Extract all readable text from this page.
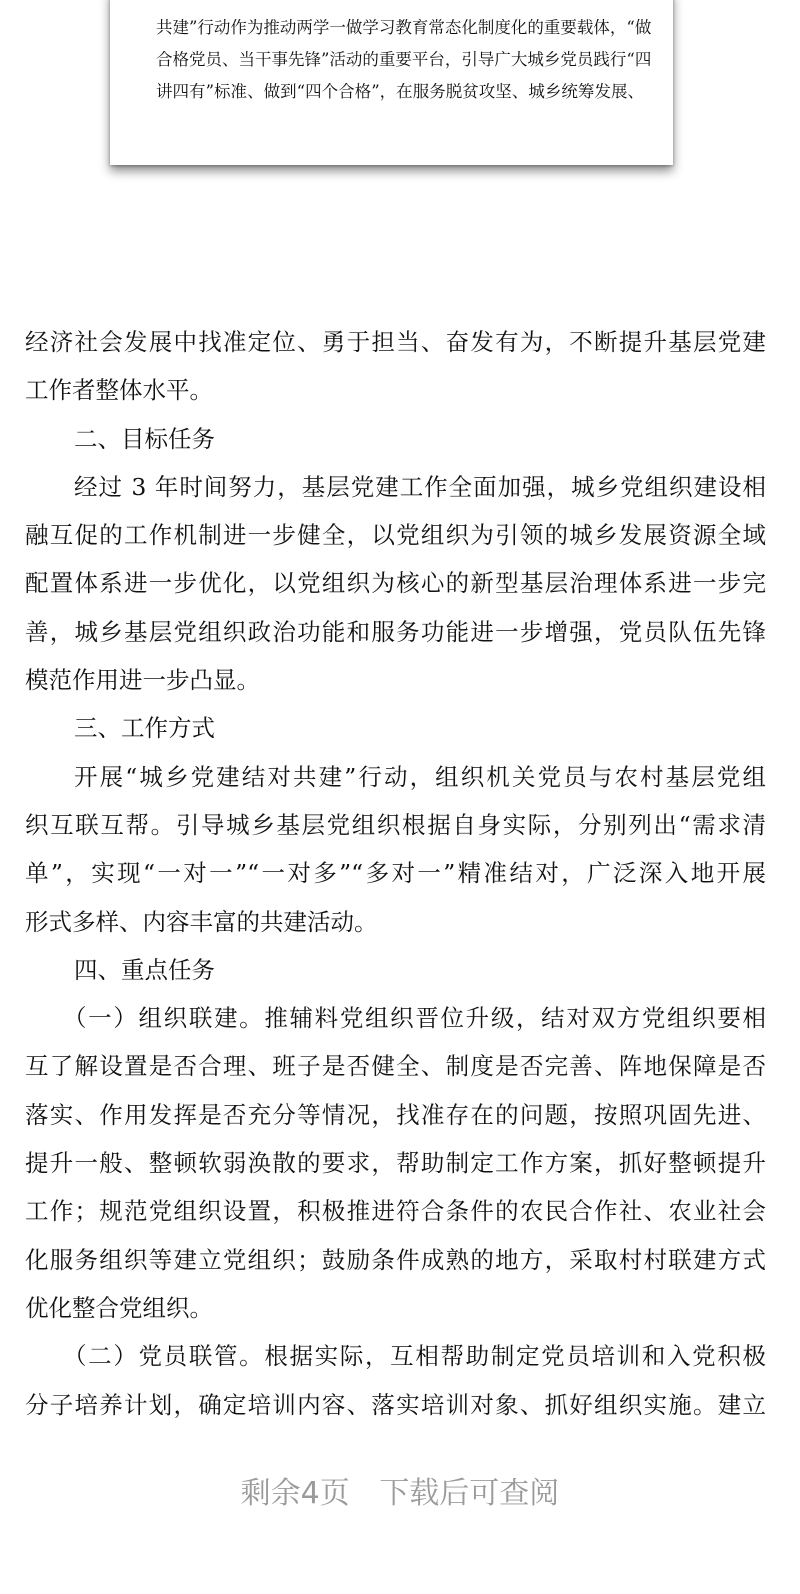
共建”行动作为推动两学一做学习教育常态化制度化的重要载体，“做
合格党员、当干事先锋”活动的重要平台，引导广大城乡党员践行“四
讲四有”标准、做到“四个合格”，在服务脱贫攻坚、城乡统筹发展、
经济社会发展中找准定位、勇于担当、奋发有为，不断提升基层党建
工作者整体水平。
二、目标任务
经过 3 年时间努力，基层党建工作全面加强，城乡党组织建设相
融互促的工作机制进一步健全，以党组织为引领的城乡发展资源全域
配置体系进一步优化，以党组织为核心的新型基层治理体系进一步完
善，城乡基层党组织政治功能和服务功能进一步增强，党员队伍先锋
模范作用进一步凸显。
三、工作方式
开展“城乡党建结对共建”行动，组织机关党员与农村基层党组
织互联互帮。引导城乡基层党组织根据自身实际，分别列出“需求清
单”，实现“一对一”“一对多”“多对一”精准结对，广泛深入地开展
形式多样、内容丰富的共建活动。
四、重点任务
（一）组织联建。推辅料党组织晋位升级，结对双方党组织要相
互了解设置是否合理、班子是否健全、制度是否完善、阵地保障是否
落实、作用发挥是否充分等情况，找准存在的问题，按照巩固先进、
提升一般、整顿软弱涣散的要求，帮助制定工作方案，抓好整顿提升
工作；规范党组织设置，积极推进符合条件的农民合作社、农业社会
化服务组织等建立党组织；鼓励条件成熟的地方，采取村村联建方式
优化整合党组织。
（二）党员联管。根据实际，互相帮助制定党员培训和入党积极
分子培养计划，确定培训内容、落实培训对象、抓好组织实施。建立
剩余4页 下载后可查阅
